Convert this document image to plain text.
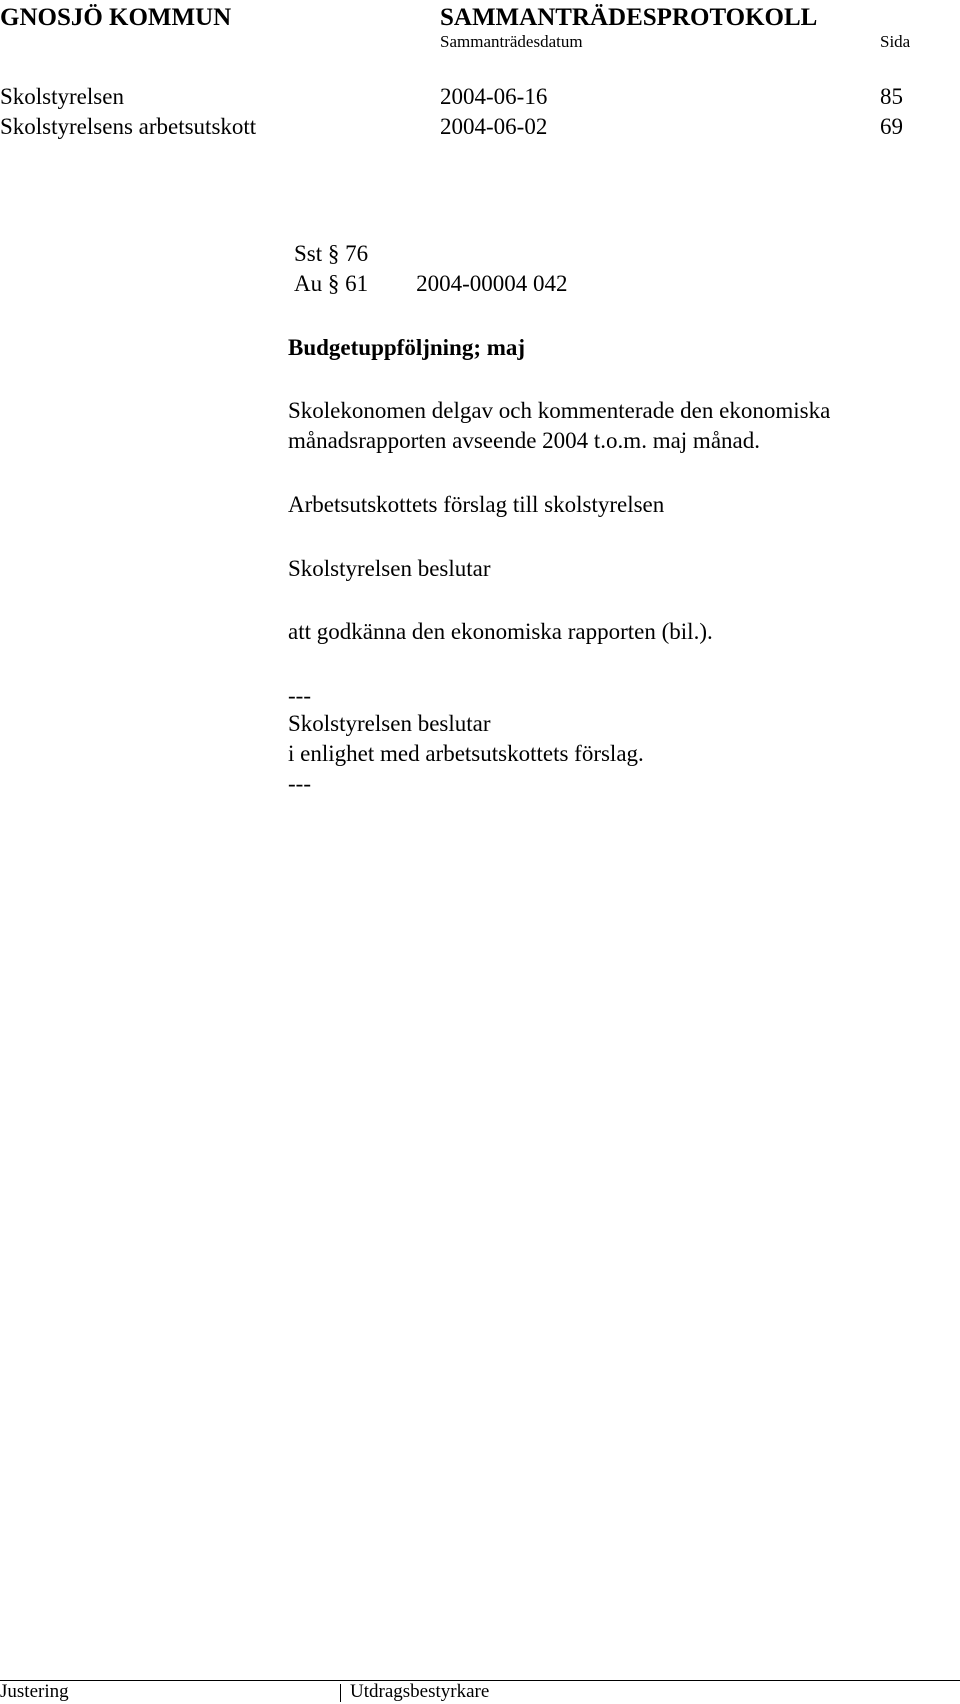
GNOSJÖ KOMMUN	SAMMANTRÄDESPROTOKOLL
Sammanträdesdatum	Sida
Skolstyrelsen	2004-06-16	85
Skolstyrelsens arbetsutskott	2004-06-02	69
Sst § 76
Au § 61 2004-00004 042
Budgetuppföljning; maj
Skolekonomen delgav och kommenterade den ekonomiska
månadsrapporten avseende 2004 t.o.m. maj månad.
Arbetsutskottets förslag till skolstyrelsen
Skolstyrelsen beslutar
att godkänna den ekonomiska rapporten (bil.).
---
Skolstyrelsen beslutar
i enlighet med arbetsutskottets förslag.
---
Justering	Utdragsbestyrkare
